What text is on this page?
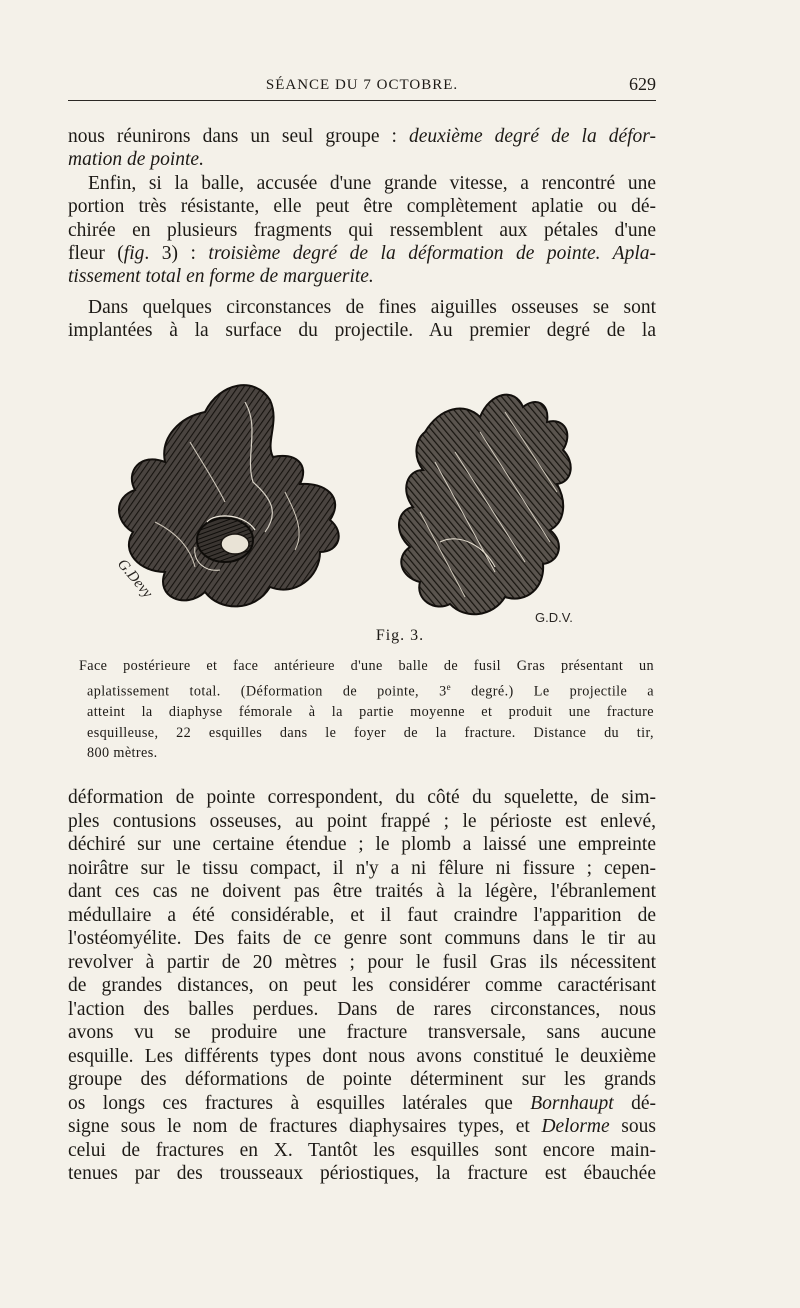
SÉANCE DU 7 OCTOBRE.	629
nous réunirons dans un seul groupe : deuxième degré de la défor-
mation de pointe.
Enfin, si la balle, accusée d'une grande vitesse, a rencontré une
portion très résistante, elle peut être complètement aplatie ou dé-
chirée en plusieurs fragments qui ressemblent aux pétales d'une
fleur (fig. 3) : troisième degré de la déformation de pointe. Apla-
tissement total en forme de marguerite.
Dans quelques circonstances de fines aiguilles osseuses se sont
implantées à la surface du projectile. Au premier degré de la
G.Devy
G.D.V.
Fig. 3.
Face postérieure et face antérieure d'une balle de fusil Gras présentant un
aplatissement total. (Déformation de pointe, 3e degré.) Le projectile a
atteint la diaphyse fémorale à la partie moyenne et produit une fracture
esquilleuse, 22 esquilles dans le foyer de la fracture. Distance du tir,
800 mètres.
déformation de pointe correspondent, du côté du squelette, de sim-
ples contusions osseuses, au point frappé ; le périoste est enlevé,
déchiré sur une certaine étendue ; le plomb a laissé une empreinte
noirâtre sur le tissu compact, il n'y a ni fêlure ni fissure ; cepen-
dant ces cas ne doivent pas être traités à la légère, l'ébranlement
médullaire a été considérable, et il faut craindre l'apparition de
l'ostéomyélite. Des faits de ce genre sont communs dans le tir au
revolver à partir de 20 mètres ; pour le fusil Gras ils nécessitent
de grandes distances, on peut les considérer comme caractérisant
l'action des balles perdues. Dans de rares circonstances, nous
avons vu se produire une fracture transversale, sans aucune
esquille. Les différents types dont nous avons constitué le deuxième
groupe des déformations de pointe déterminent sur les grands
os longs ces fractures à esquilles latérales que Bornhaupt dé-
signe sous le nom de fractures diaphysaires types, et Delorme sous
celui de fractures en X. Tantôt les esquilles sont encore main-
tenues par des trousseaux périostiques, la fracture est ébauchée
